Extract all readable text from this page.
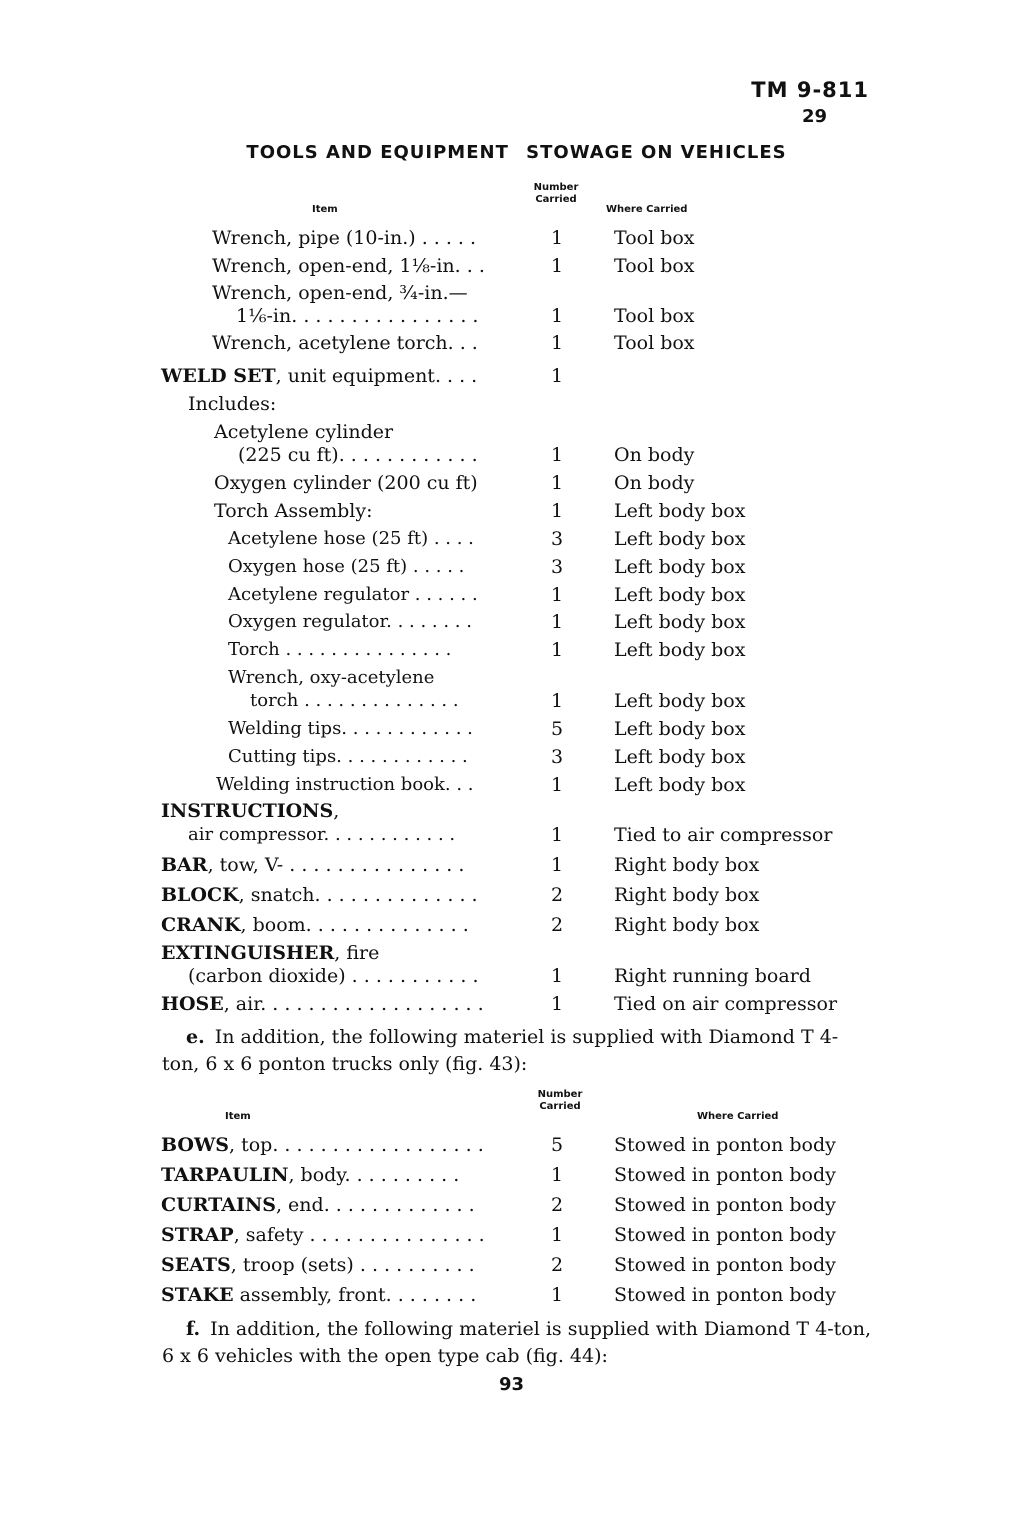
TM 9-811
29
TOOLS AND EQUIPMENT STOWAGE ON VEHICLES
Item
Number
Carried
Where Carried
Wrench, pipe (10-in.) . . . . .	1	Tool box
Wrench, open-end, 1⅛-in. . .	1	Tool box
Wrench, open-end, ¾-in.—
1⅙-in. . . . . . . . . . . . . . . .	1	Tool box
Wrench, acetylene torch. . .	1	Tool box
WELD SET, unit equipment. . . .	1
Includes:
Acetylene cylinder
(225 cu ft). . . . . . . . . . . .	1	On body
Oxygen cylinder (200 cu ft)	1	On body
Torch Assembly:	1	Left body box
Acetylene hose (25 ft) . . . .	3	Left body box
Oxygen hose (25 ft) . . . . .	3	Left body box
Acetylene regulator . . . . . .	1	Left body box
Oxygen regulator. . . . . . . .	1	Left body box
Torch . . . . . . . . . . . . . . .	1	Left body box
Wrench, oxy-acetylene
torch . . . . . . . . . . . . . .	1	Left body box
Welding tips. . . . . . . . . . . .	5	Left body box
Cutting tips. . . . . . . . . . . .	3	Left body box
Welding instruction book. . .	1	Left body box
INSTRUCTIONS,
air compressor. . . . . . . . . . . .	1	Tied to air compressor
BAR, tow, V- . . . . . . . . . . . . . . .	1	Right body box
BLOCK, snatch. . . . . . . . . . . . . .	2	Right body box
CRANK, boom. . . . . . . . . . . . . .	2	Right body box
EXTINGUISHER, fire
(carbon dioxide) . . . . . . . . . . .	1	Right running board
HOSE, air. . . . . . . . . . . . . . . . . . .	1	Tied on air compressor
e. In addition, the following materiel is supplied with Diamond T 4-ton, 6 x 6 ponton trucks only (fig. 43):
Item
Number
Carried
Where Carried
BOWS, top. . . . . . . . . . . . . . . . . .	5	Stowed in ponton body
TARPAULIN, body. . . . . . . . . .	1	Stowed in ponton body
CURTAINS, end. . . . . . . . . . . . .	2	Stowed in ponton body
STRAP, safety . . . . . . . . . . . . . . .	1	Stowed in ponton body
SEATS, troop (sets) . . . . . . . . . .	2	Stowed in ponton body
STAKE assembly, front. . . . . . . .	1	Stowed in ponton body
f. In addition, the following materiel is supplied with Diamond T 4-ton, 6 x 6 vehicles with the open type cab (fig. 44):
93
